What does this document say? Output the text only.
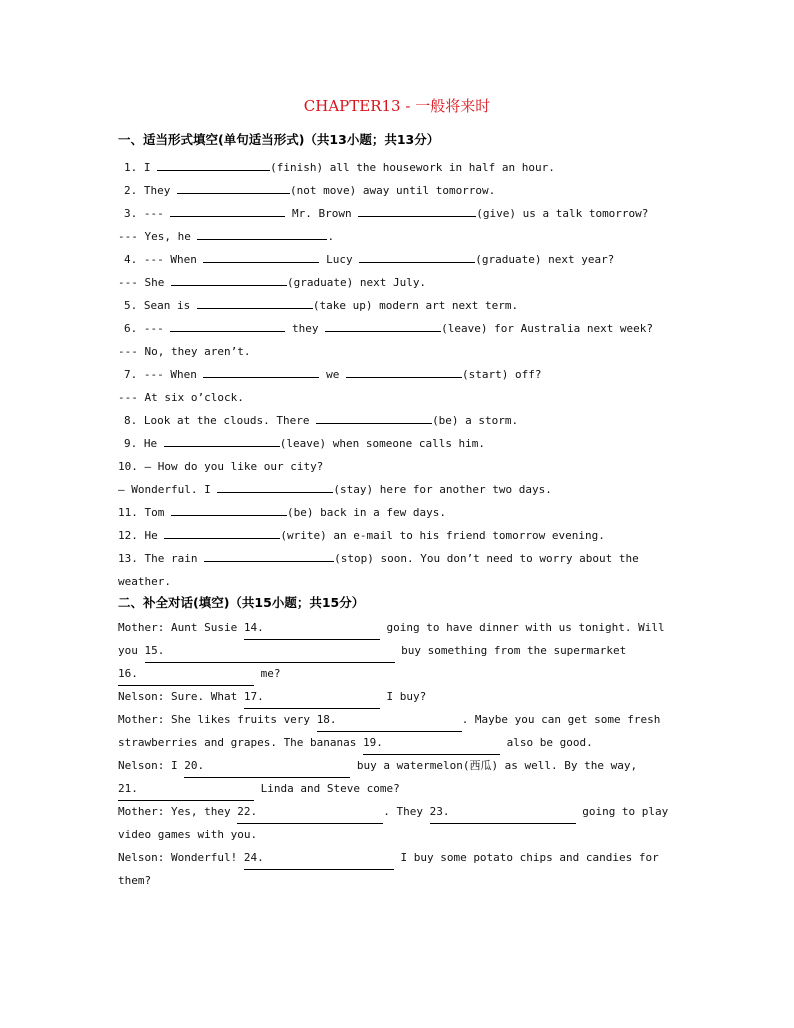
CHAPTER13 - 一般将来时
一、适当形式填空(单句适当形式)（共13小题；共13分）
1. I	(finish) all the housework in half an hour.
2. They	(not move) away until tomorrow.
3. ---	Mr. Brown	(give) us a talk tomorrow?
--- Yes, he	.
4. --- When	Lucy	(graduate) next year?
--- She	(graduate) next July.
5. Sean is	(take up) modern art next term.
6. ---	they	(leave) for Australia next week?
--- No, they aren’t.
7. --- When	we	(start) off?
--- At six o’clock.
8. Look at the clouds. There	(be) a storm.
9. He	(leave) when someone calls him.
10. — How do you like our city?
— Wonderful. I	(stay) here for another two days.
11. Tom	(be) back in a few days.
12. He	(write) an e-mail to his friend tomorrow evening.
13. The rain	(stop) soon. You don’t need to worry about the
weather.
二、补全对话(填空)（共15小题；共15分）
Mother: Aunt Susie 14.	going to have dinner with us tonight. Will
you 15.	buy something from the supermarket
16.	me?
Nelson: Sure. What 17.	I buy?
Mother: She likes fruits very 18.	. Maybe you can get some fresh
strawberries and grapes. The bananas 19.	also be good.
Nelson: I 20.	buy a watermelon(西瓜) as well. By the way,
21.	Linda and Steve come?
Mother: Yes, they 22.	. They 23.	going to play
video games with you.
Nelson: Wonderful! 24.	I buy some potato chips and candies for
them?
